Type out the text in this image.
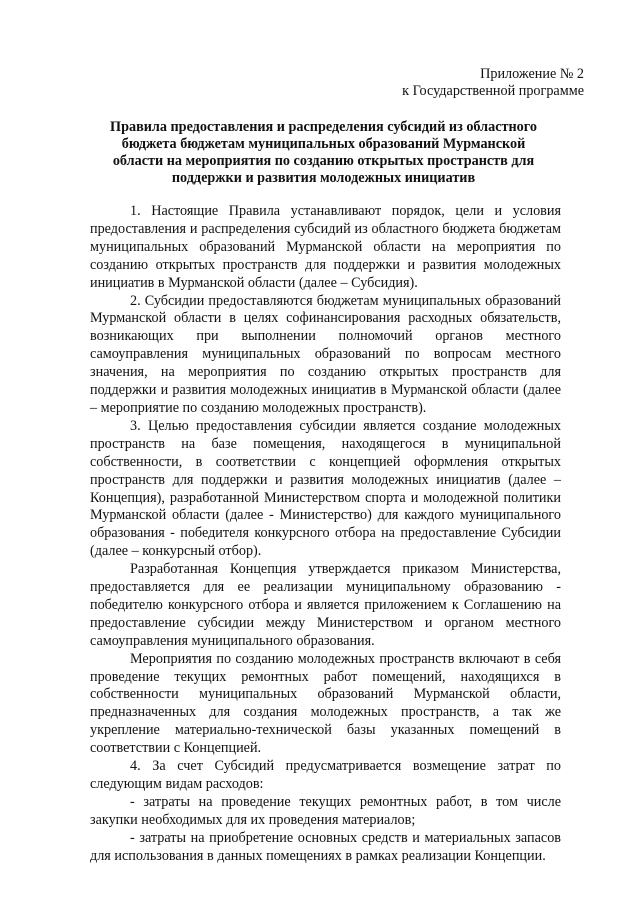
Приложение № 2
к Государственной программе
Правила предоставления и распределения субсидий из областного бюджета бюджетам муниципальных образований Мурманской области на мероприятия по созданию открытых пространств для поддержки и развития молодежных инициатив

1. Настоящие Правила устанавливают порядок, цели и условия предоставления и распределения субсидий из областного бюджета бюджетам муниципальных образований Мурманской области на мероприятия по созданию открытых пространств для поддержки и развития молодежных инициатив в Мурманской области (далее – Субсидия).

2. Субсидии предоставляются бюджетам муниципальных образований Мурманской области в целях софинансирования расходных обязательств, возникающих при выполнении полномочий органов местного самоуправления муниципальных образований по вопросам местного значения, на мероприятия по созданию открытых пространств для поддержки и развития молодежных инициатив в Мурманской области (далее – мероприятие по созданию молодежных пространств).

3. Целью предоставления субсидии является создание молодежных пространств на базе помещения, находящегося в муниципальной собственности, в соответствии с концепцией оформления открытых пространств для поддержки и развития молодежных инициатив (далее – Концепция), разработанной Министерством спорта и молодежной политики Мурманской области (далее - Министерство) для каждого муниципального образования - победителя конкурсного отбора на предоставление Субсидии (далее – конкурсный отбор).

Разработанная Концепция утверждается приказом Министерства, предоставляется для ее реализации муниципальному образованию - победителю конкурсного отбора и является приложением к Соглашению на предоставление субсидии между Министерством и органом местного самоуправления муниципального образования.

Мероприятия по созданию молодежных пространств включают в себя проведение текущих ремонтных работ помещений, находящихся в собственности муниципальных образований Мурманской области, предназначенных для создания молодежных пространств, а так же укрепление материально-технической базы указанных помещений в соответствии с Концепцией.

4. За счет Субсидий предусматривается возмещение затрат по следующим видам расходов:

- затраты на проведение текущих ремонтных работ, в том числе закупки необходимых для их проведения материалов;

- затраты на приобретение основных средств и материальных запасов для использования в данных помещениях в рамках реализации Концепции.
